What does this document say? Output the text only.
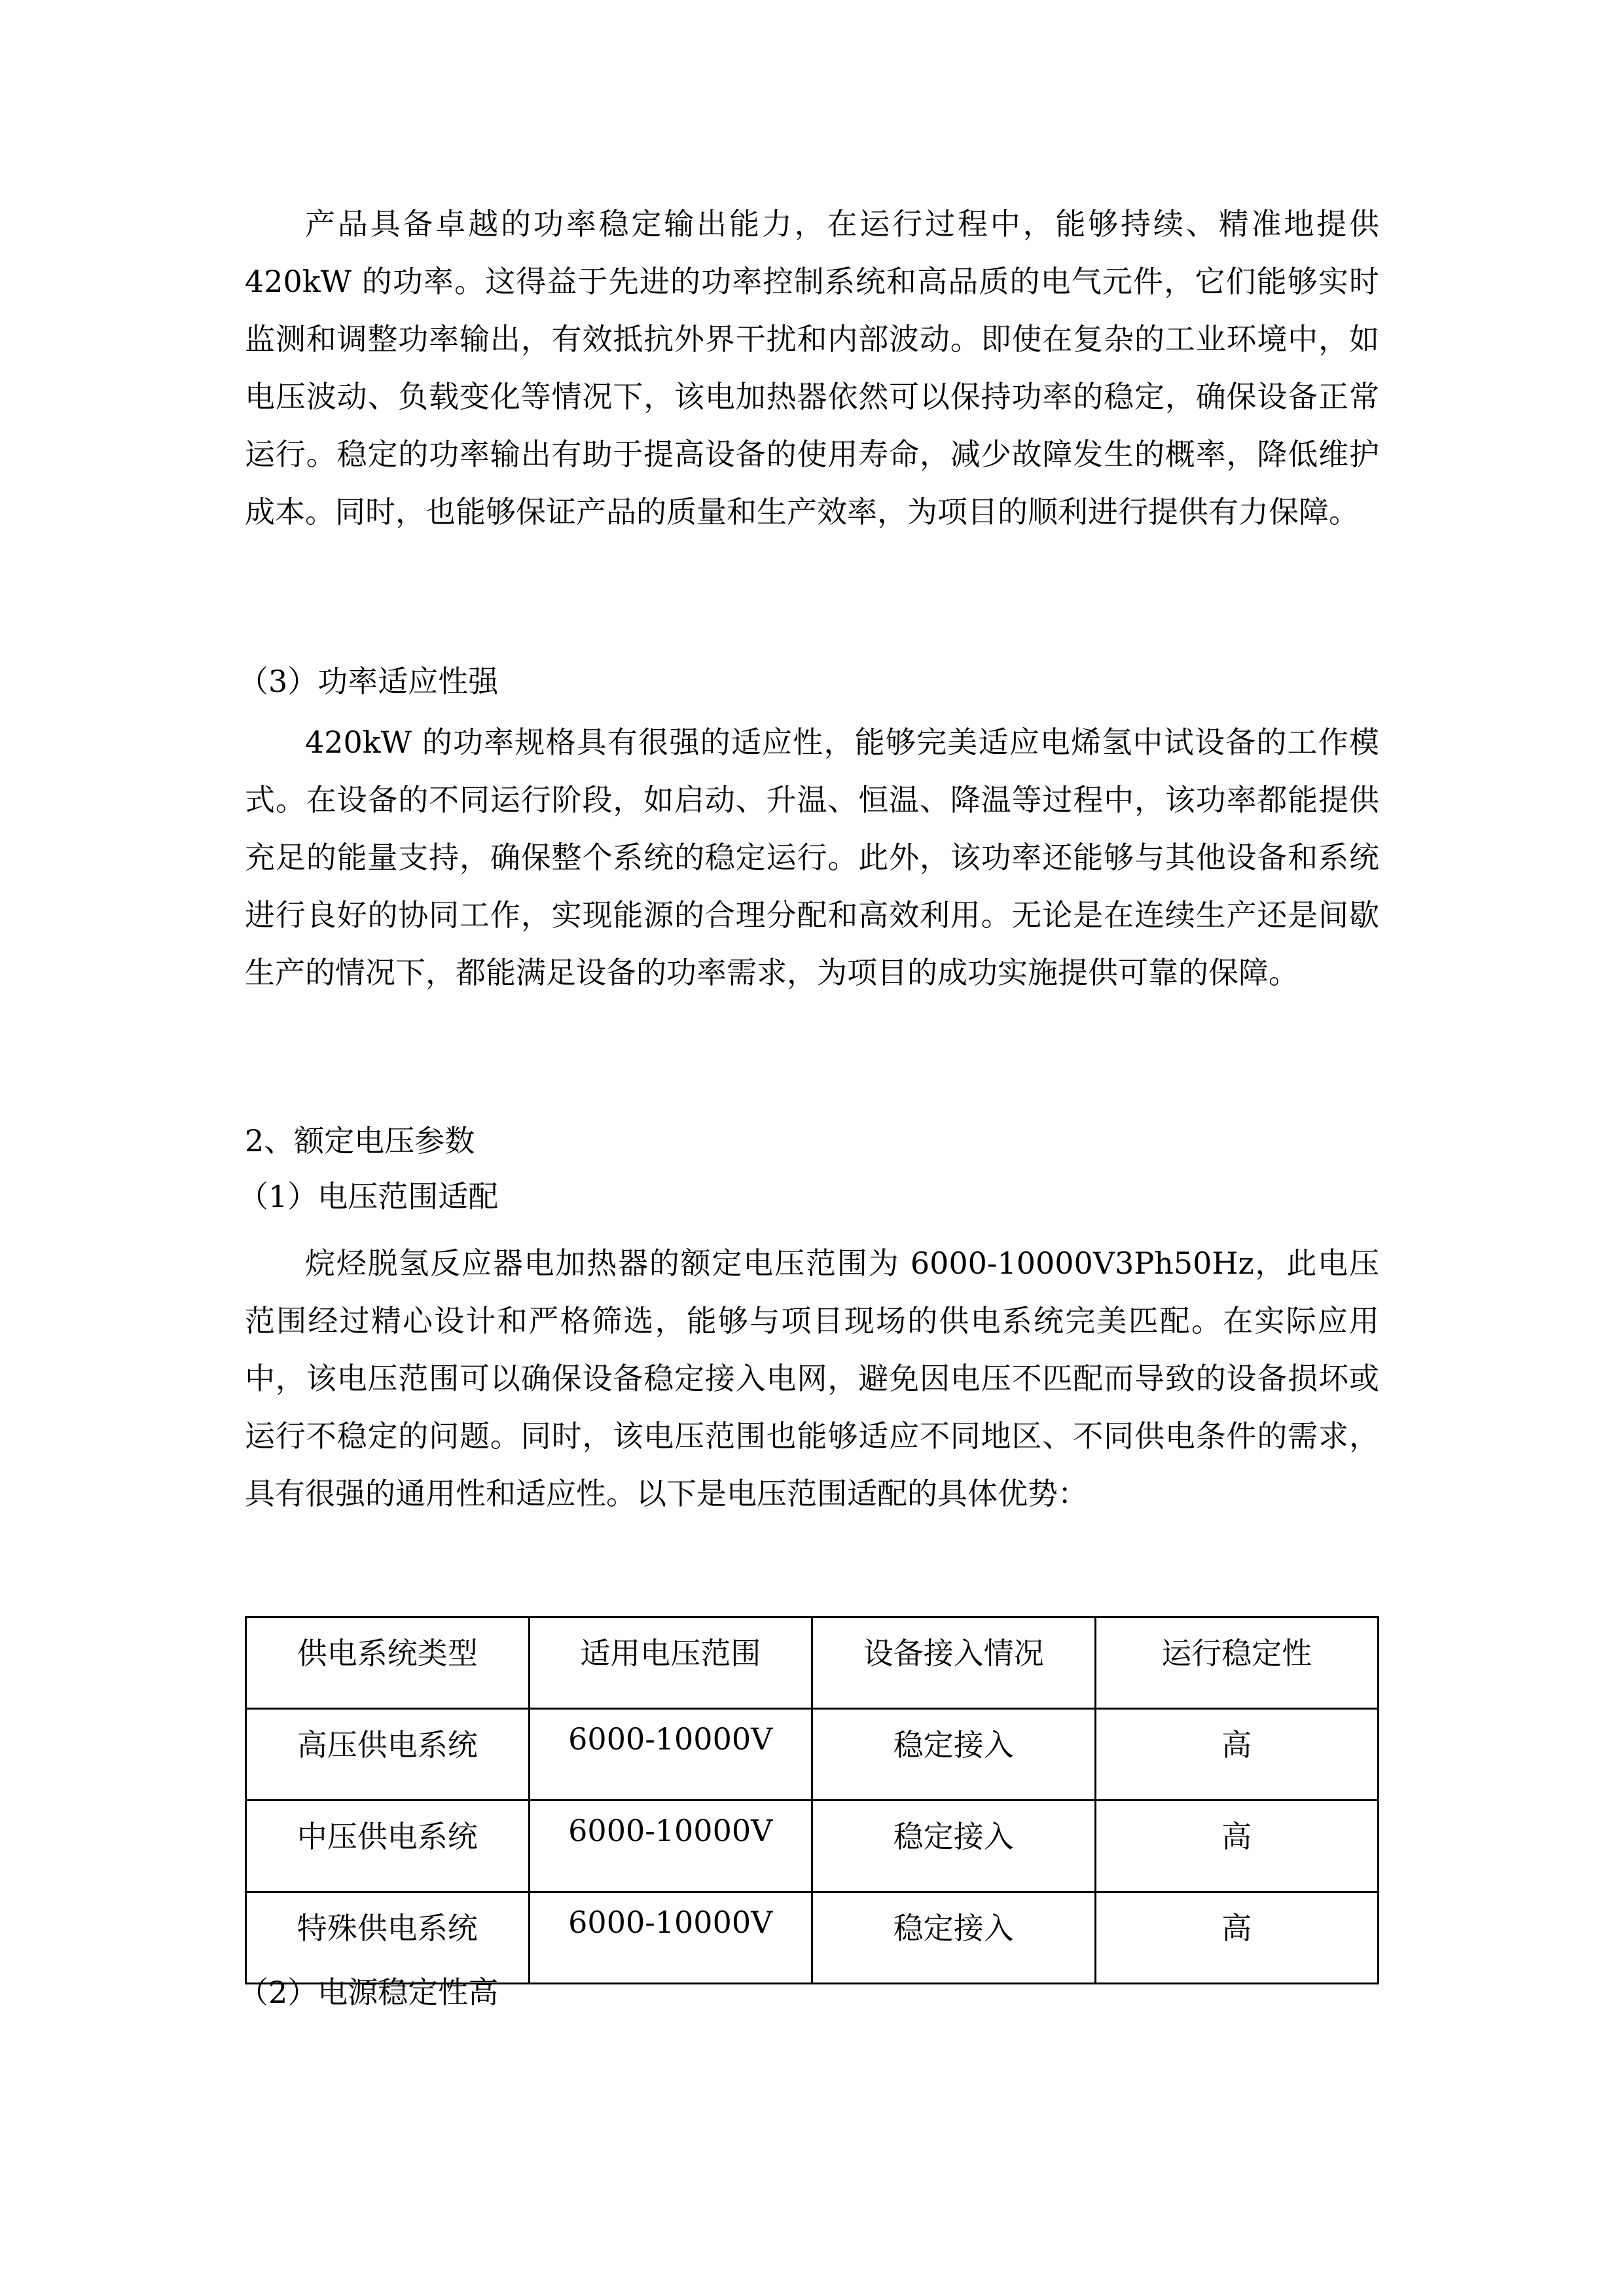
产品具备卓越的功率稳定输出能力，在运行过程中，能够持续、精准地提供 420kW 的功率。这得益于先进的功率控制系统和高品质的电气元件，它们能够实时监测和调整功率输出，有效抵抗外界干扰和内部波动。即使在复杂的工业环境中，如电压波动、负载变化等情况下，该电加热器依然可以保持功率的稳定，确保设备正常运行。稳定的功率输出有助于提高设备的使用寿命，减少故障发生的概率，降低维护成本。同时，也能够保证产品的质量和生产效率，为项目的顺利进行提供有力保障。

（3）功率适应性强

420kW 的功率规格具有很强的适应性，能够完美适应电烯氢中试设备的工作模式。在设备的不同运行阶段，如启动、升温、恒温、降温等过程中，该功率都能提供充足的能量支持，确保整个系统的稳定运行。此外，该功率还能够与其他设备和系统进行良好的协同工作，实现能源的合理分配和高效利用。无论是在连续生产还是间歇生产的情况下，都能满足设备的功率需求，为项目的成功实施提供可靠的保障。

2、额定电压参数
（1）电压范围适配

烷烃脱氢反应器电加热器的额定电压范围为 6000-10000V3Ph50Hz，此电压范围经过精心设计和严格筛选，能够与项目现场的供电系统完美匹配。在实际应用中，该电压范围可以确保设备稳定接入电网，避免因电压不匹配而导致的设备损坏或运行不稳定的问题。同时，该电压范围也能够适应不同地区、不同供电条件的需求，具有很强的通用性和适应性。以下是电压范围适配的具体优势：

供电系统类型	适用电压范围	设备接入情况	运行稳定性
高压供电系统	6000-10000V	稳定接入	高
中压供电系统	6000-10000V	稳定接入	高
特殊供电系统	6000-10000V	稳定接入	高
（2）电源稳定性高
